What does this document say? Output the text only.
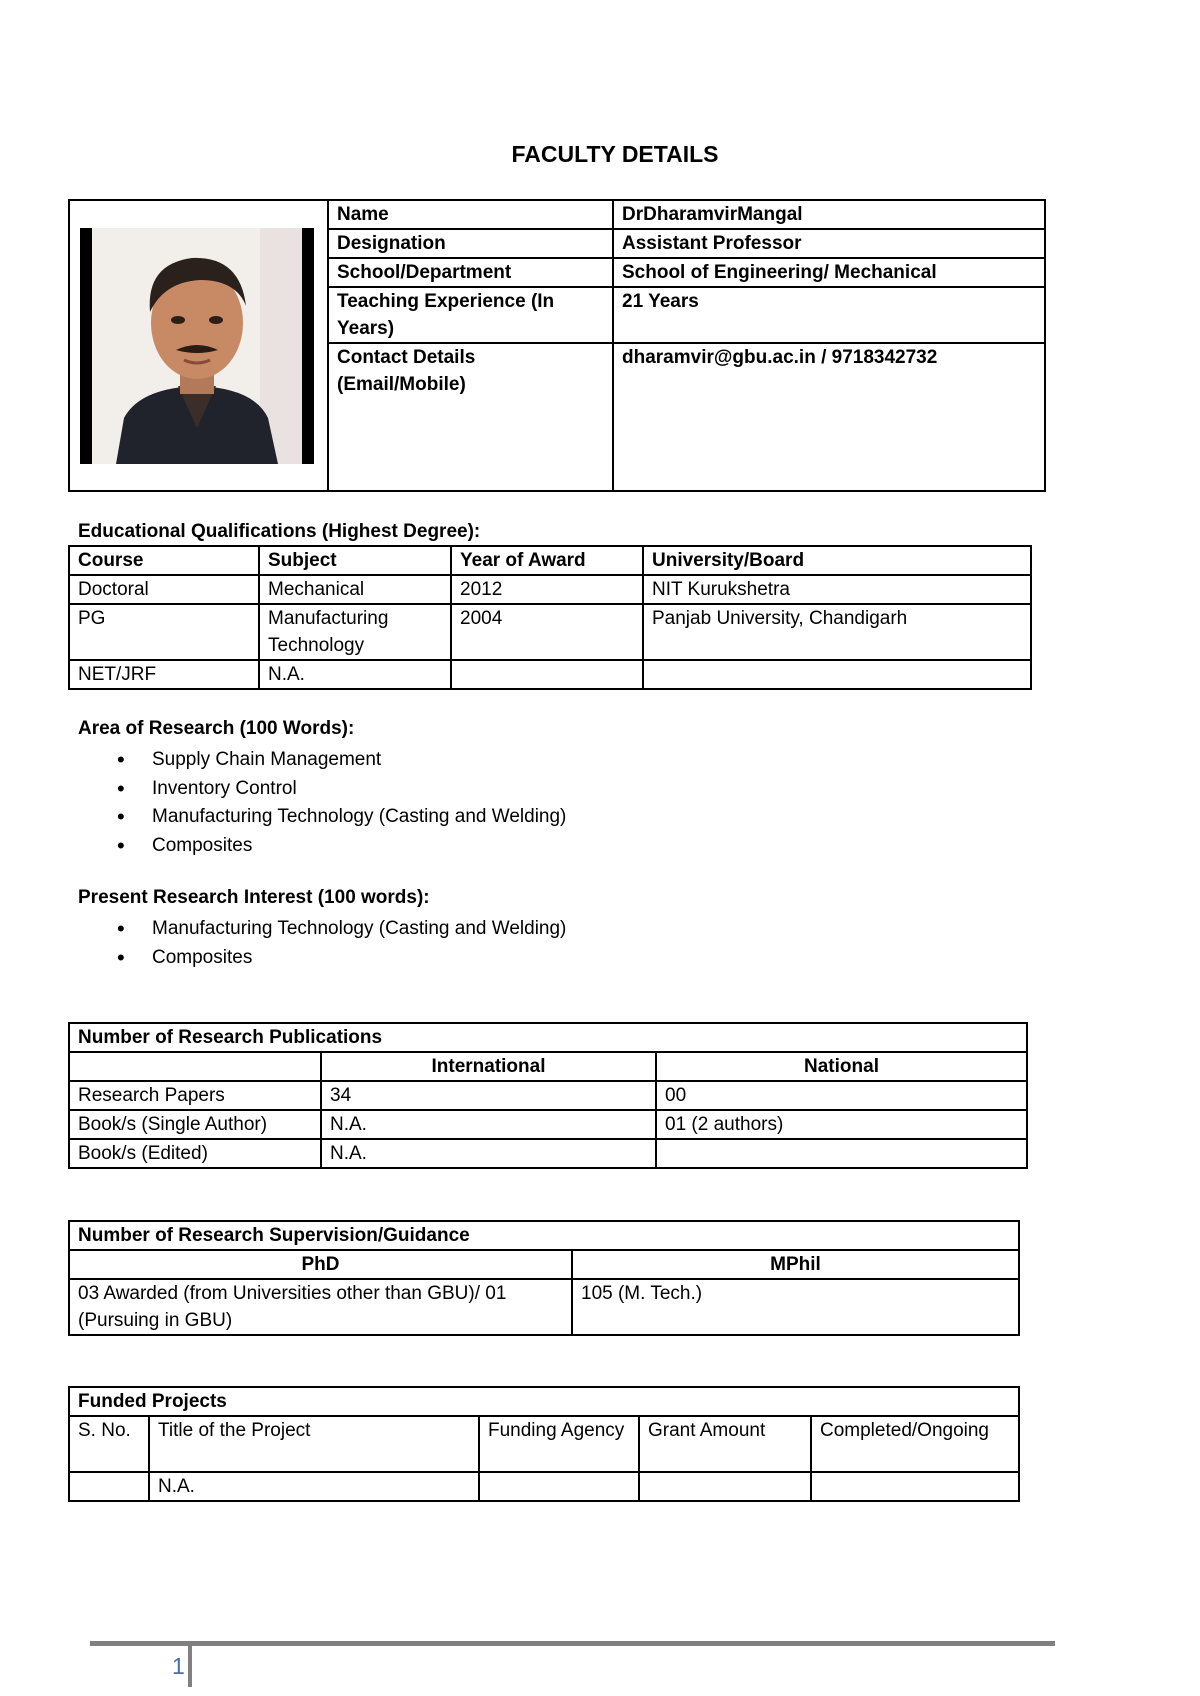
FACULTY DETAILS
	Name	DrDharamvirMangal
	Designation	Assistant Professor
	School/Department	School of Engineering/ Mechanical
	Teaching Experience (In Years)	21 Years
	Contact Details (Email/Mobile)	dharamvir@gbu.ac.in / 9718342732
Educational Qualifications (Highest Degree):
Course	Subject	Year of Award	University/Board
Doctoral	Mechanical	2012	NIT Kurukshetra
PG	Manufacturing Technology	2004	Panjab University, Chandigarh
NET/JRF	N.A.		
Area of Research (100 Words):
• Supply Chain Management
• Inventory Control
• Manufacturing Technology (Casting and Welding)
• Composites
Present Research Interest (100 words):
• Manufacturing Technology (Casting and Welding)
• Composites
Number of Research Publications		
	International	National
Research Papers	34	00
Book/s (Single Author)	N.A.	01 (2 authors)
Book/s (Edited)	N.A.	
Number of Research Supervision/Guidance	
PhD	MPhil
03 Awarded (from Universities other than GBU)/ 01 (Pursuing in GBU)	105 (M. Tech.)
Funded Projects				
S. No.	Title of the Project	Funding Agency	Grant Amount	Completed/Ongoing
	N.A.			
1
